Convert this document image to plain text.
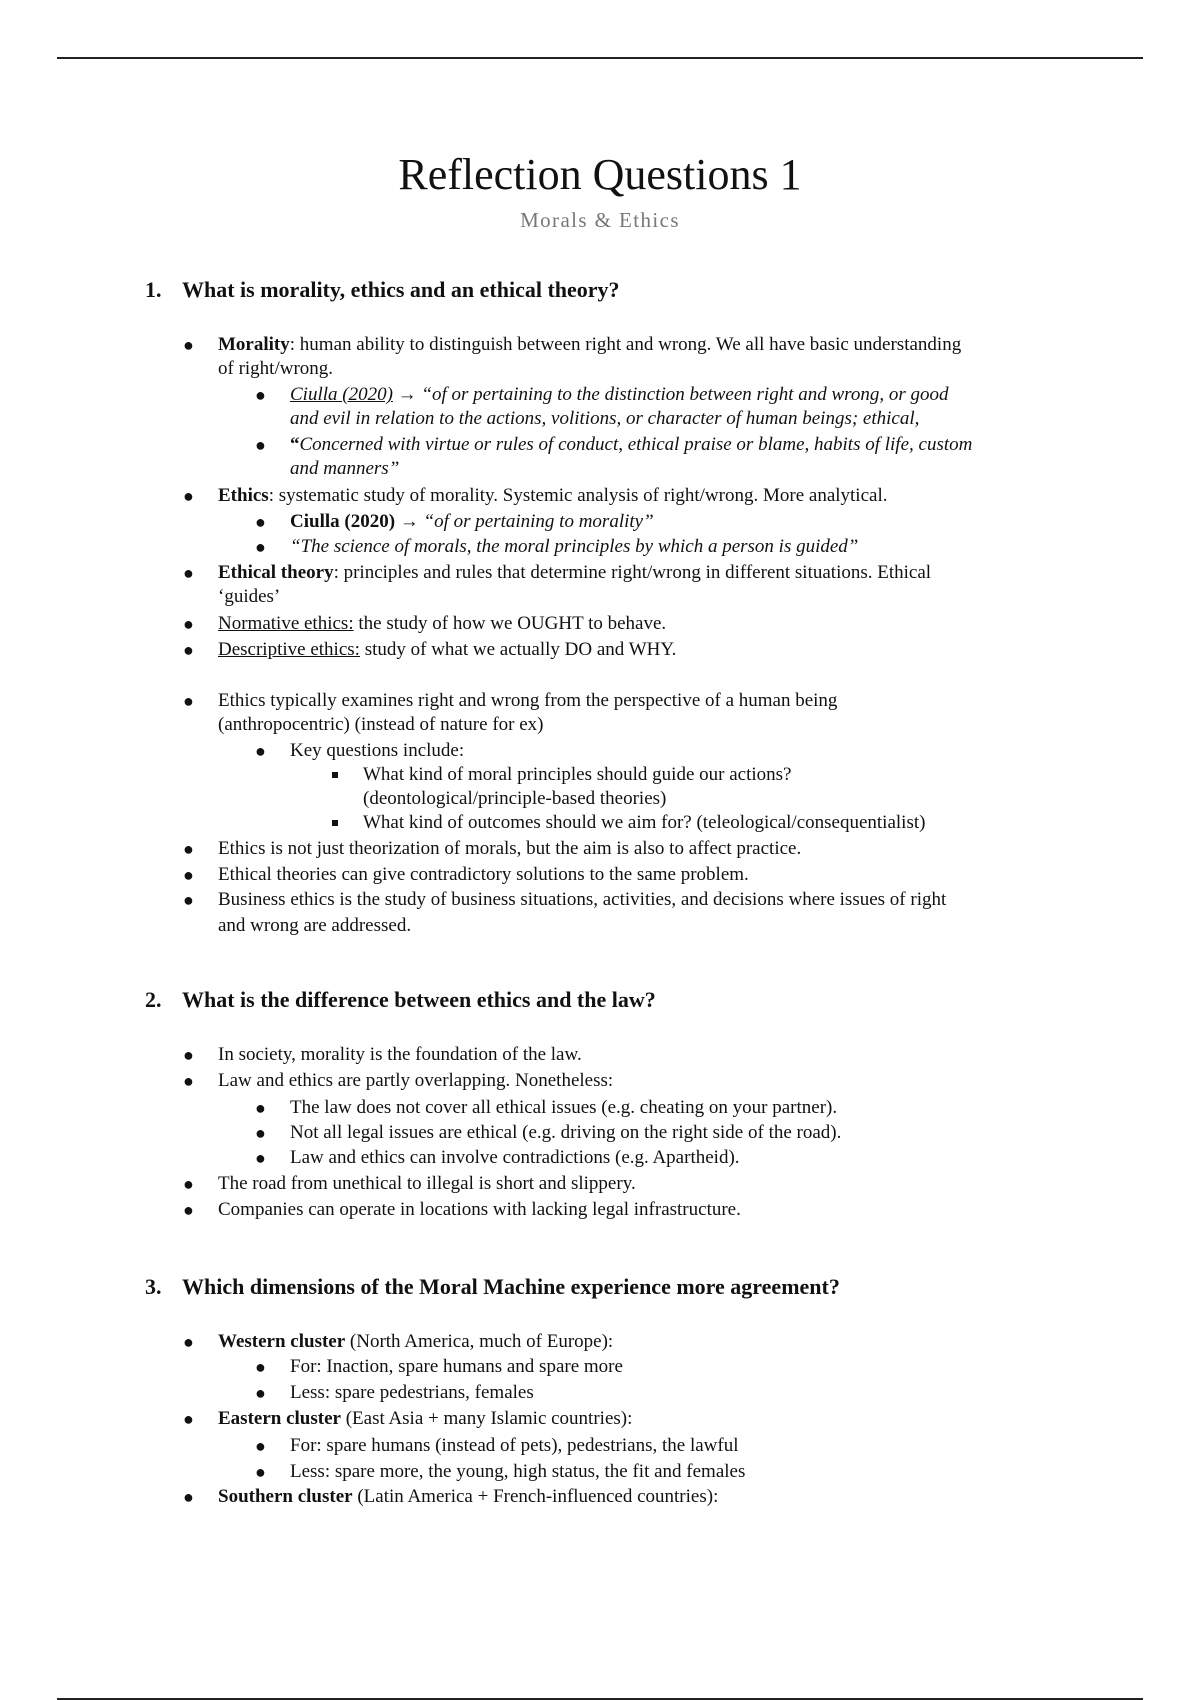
Reflection Questions 1
Morals & Ethics
1. What is morality, ethics and an ethical theory?
● Morality: human ability to distinguish between right and wrong. We all have basic understanding
of right/wrong.
● Ciulla (2020) → “of or pertaining to the distinction between right and wrong, or good
and evil in relation to the actions, volitions, or character of human beings; ethical,
● “Concerned with virtue or rules of conduct, ethical praise or blame, habits of life, custom
and manners”
● Ethics: systematic study of morality. Systemic analysis of right/wrong. More analytical.
● Ciulla (2020) → “of or pertaining to morality”
● “The science of morals, the moral principles by which a person is guided”
● Ethical theory: principles and rules that determine right/wrong in different situations. Ethical
‘guides’
● Normative ethics: the study of how we OUGHT to behave.
● Descriptive ethics: study of what we actually DO and WHY.
● Ethics typically examines right and wrong from the perspective of a human being
(anthropocentric) (instead of nature for ex)
● Key questions include:
What kind of moral principles should guide our actions?
(deontological/principle-based theories)
What kind of outcomes should we aim for? (teleological/consequentialist)
● Ethics is not just theorization of morals, but the aim is also to affect practice.
● Ethical theories can give contradictory solutions to the same problem.
● Business ethics is the study of business situations, activities, and decisions where issues of right
and wrong are addressed.
2. What is the difference between ethics and the law?
● In society, morality is the foundation of the law.
● Law and ethics are partly overlapping. Nonetheless:
● The law does not cover all ethical issues (e.g. cheating on your partner).
● Not all legal issues are ethical (e.g. driving on the right side of the road).
● Law and ethics can involve contradictions (e.g. Apartheid).
● The road from unethical to illegal is short and slippery.
● Companies can operate in locations with lacking legal infrastructure.
3. Which dimensions of the Moral Machine experience more agreement?
● Western cluster (North America, much of Europe):
● For: Inaction, spare humans and spare more
● Less: spare pedestrians, females
● Eastern cluster (East Asia + many Islamic countries):
● For: spare humans (instead of pets), pedestrians, the lawful
● Less: spare more, the young, high status, the fit and females
● Southern cluster (Latin America + French-influenced countries):
